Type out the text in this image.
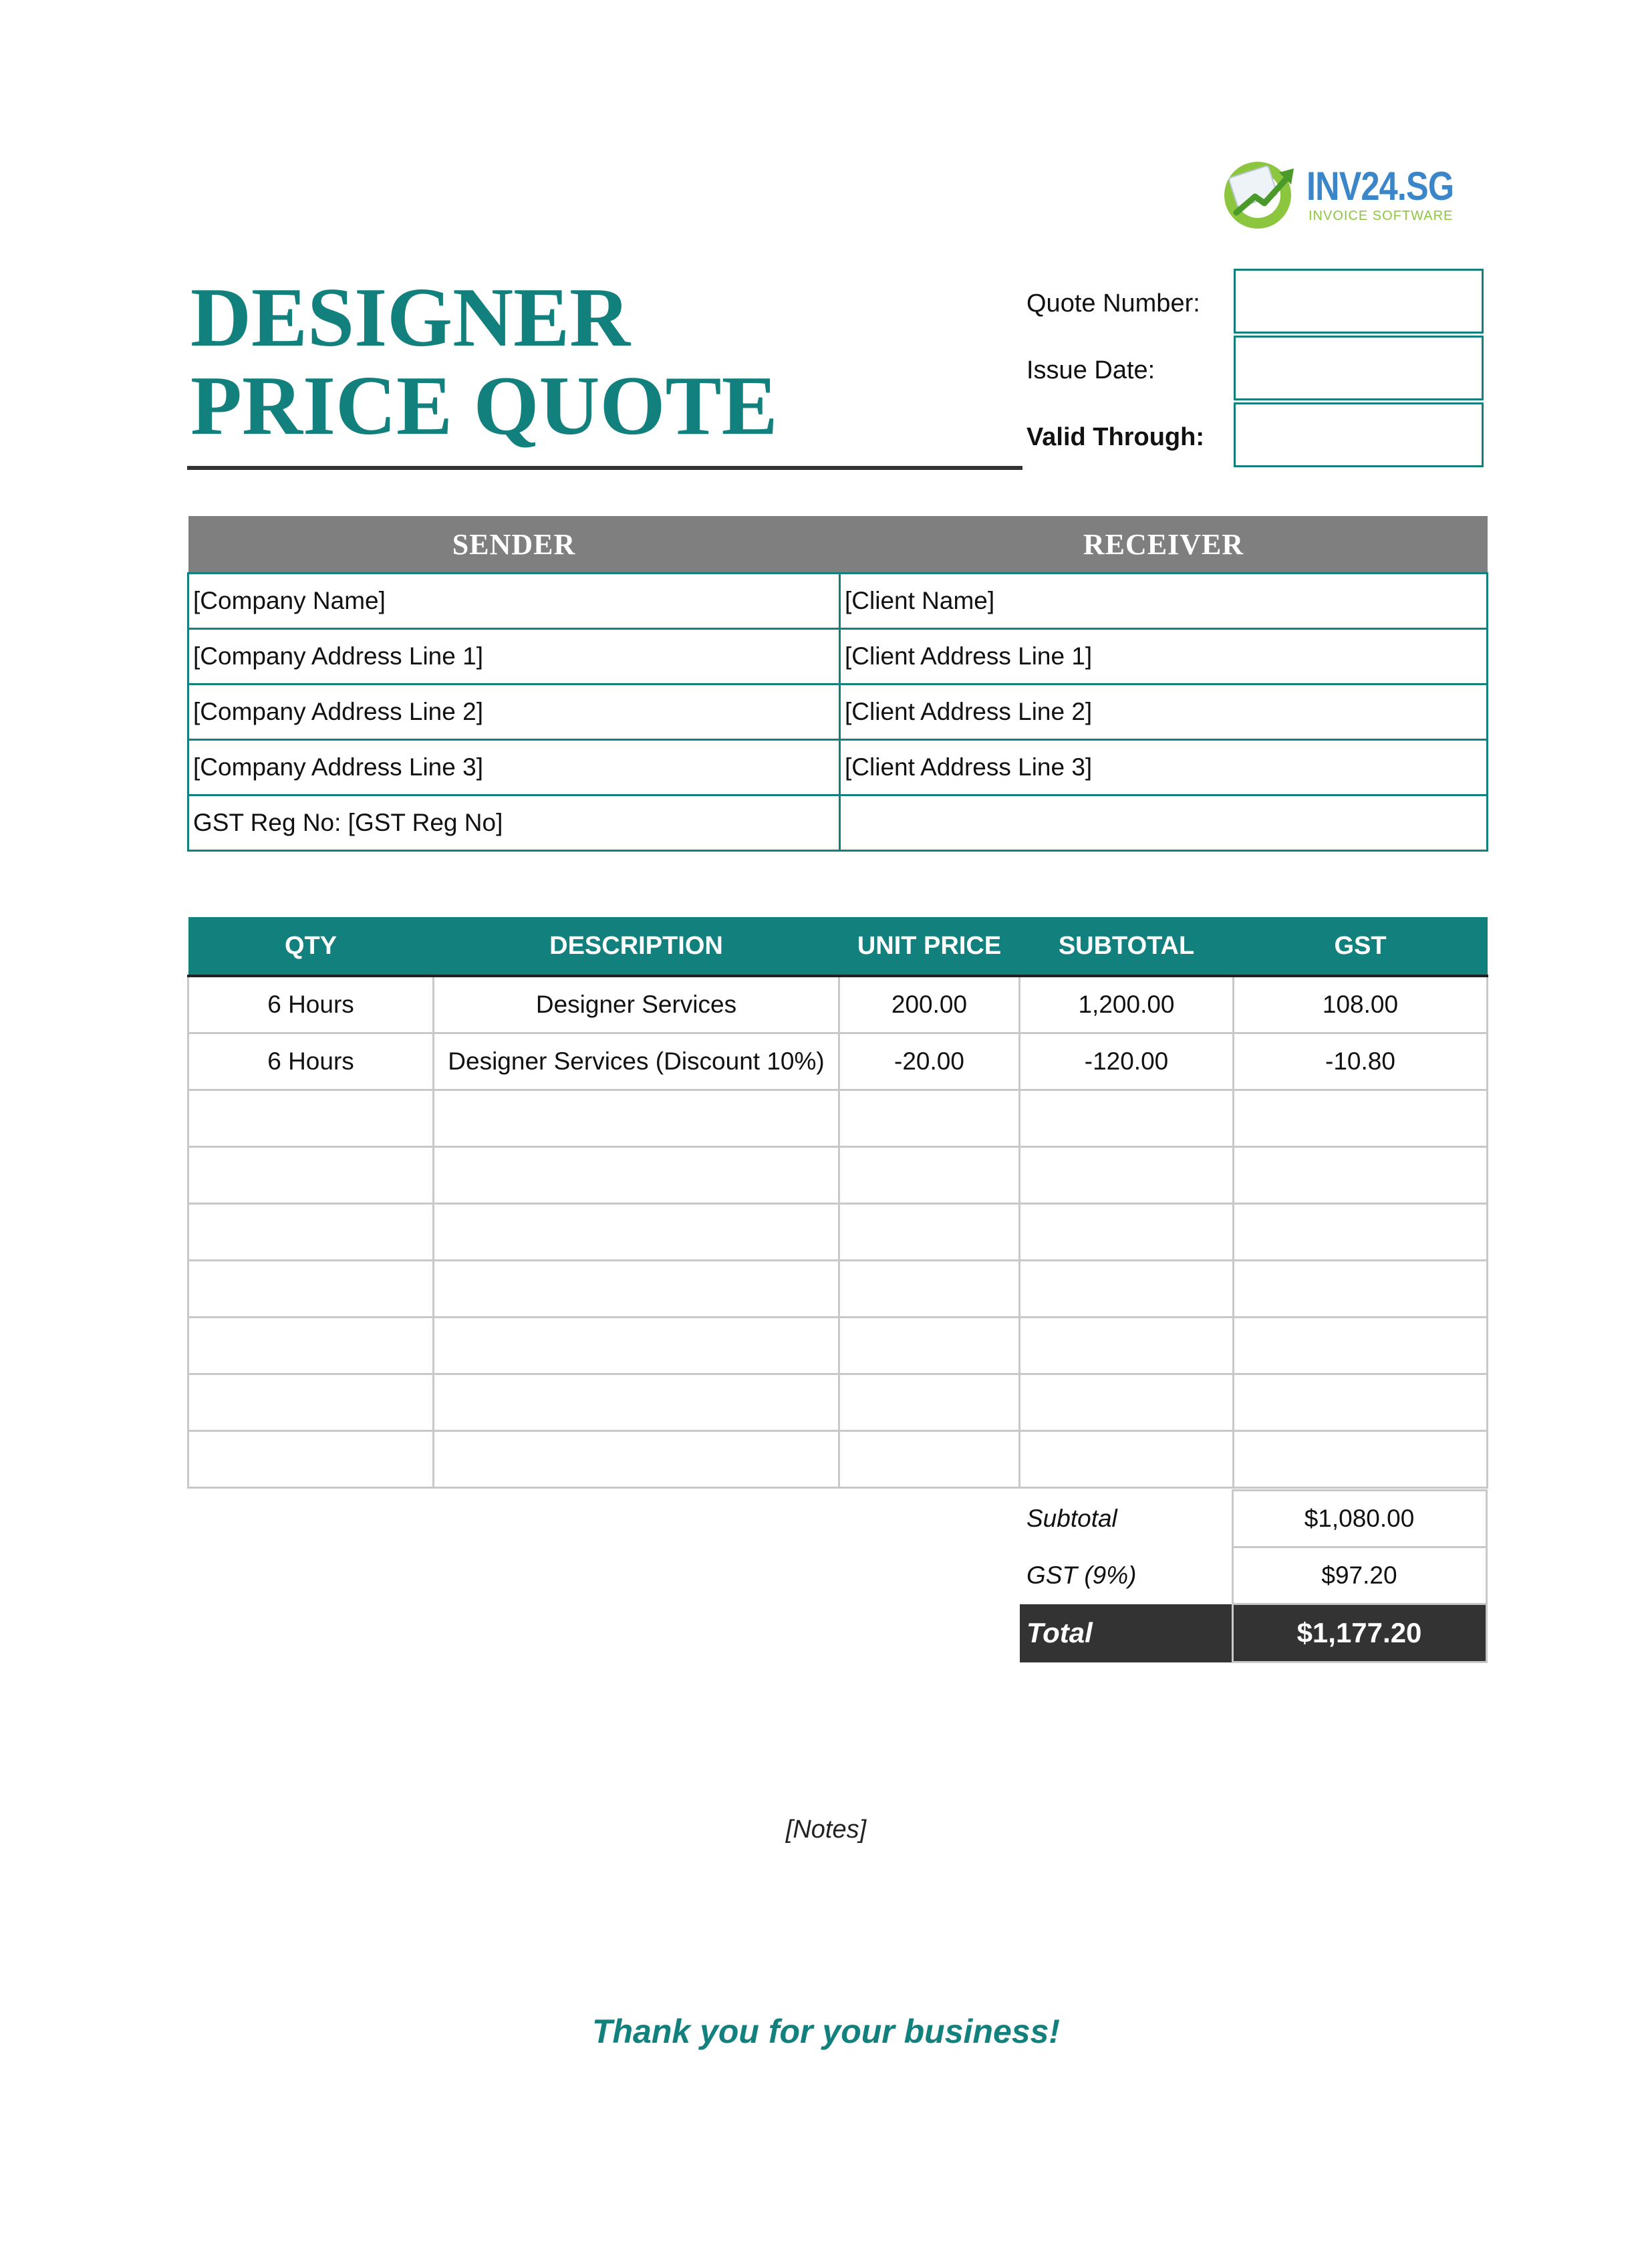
INV24.SG
INVOICE SOFTWARE
DESIGNER
PRICE QUOTE
Quote Number:
Issue Date:
Valid Through:
SENDER	RECEIVER
[Company Name]	[Client Name]
[Company Address Line 1]	[Client Address Line 1]
[Company Address Line 2]	[Client Address Line 2]
[Company Address Line 3]	[Client Address Line 3]
GST Reg No: [GST Reg No]	
QTY	DESCRIPTION	UNIT PRICE	SUBTOTAL	GST
6 Hours	Designer Services	200.00	1,200.00	108.00
6 Hours	Designer Services (Discount 10%)	-20.00	-120.00	-10.80

Subtotal	$1,080.00
GST (9%)	$97.20
Total	$1,177.20
[Notes]
Thank you for your business!
